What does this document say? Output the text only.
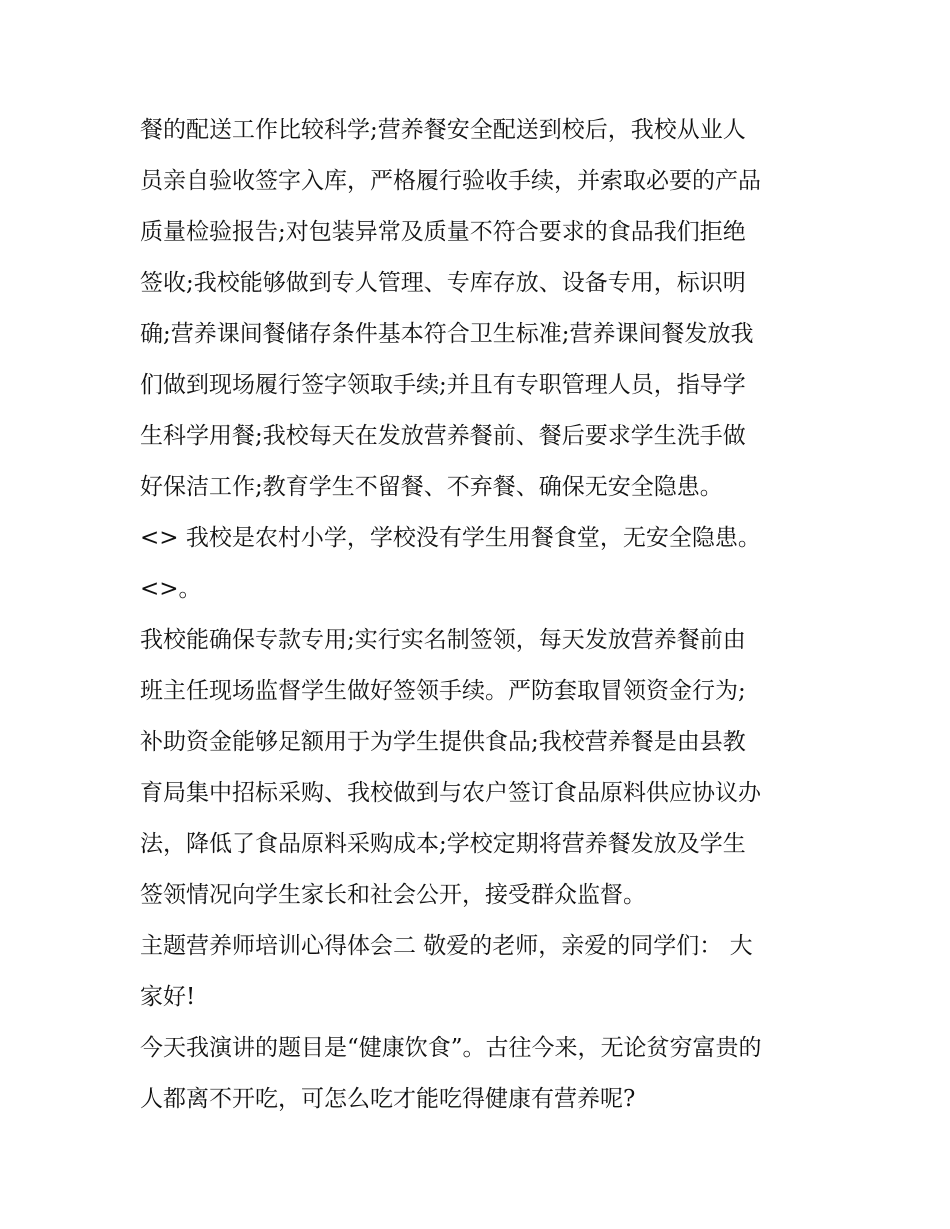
餐的配送工作比较科学;营养餐安全配送到校后，我校从业人
员亲自验收签字入库，严格履行验收手续，并索取必要的产品
质量检验报告;对包装异常及质量不符合要求的食品我们拒绝
签收;我校能够做到专人管理、专库存放、设备专用，标识明
确;营养课间餐储存条件基本符合卫生标准;营养课间餐发放我
们做到现场履行签字领取手续;并且有专职管理人员，指导学
生科学用餐;我校每天在发放营养餐前、餐后要求学生洗手做
好保洁工作;教育学生不留餐、不弃餐、确保无安全隐患。
<> 我校是农村小学，学校没有学生用餐食堂，无安全隐患。
<>。
我校能确保专款专用;实行实名制签领，每天发放营养餐前由
班主任现场监督学生做好签领手续。严防套取冒领资金行为;
补助资金能够足额用于为学生提供食品;我校营养餐是由县教
育局集中招标采购、我校做到与农户签订食品原料供应协议办
法，降低了食品原料采购成本;学校定期将营养餐发放及学生
签领情况向学生家长和社会公开，接受群众监督。
主题营养师培训心得体会二 敬爱的老师，亲爱的同学们： 大
家好!
今天我演讲的题目是“健康饮食”。古往今来，无论贫穷富贵的
人都离不开吃，可怎么吃才能吃得健康有营养呢?
